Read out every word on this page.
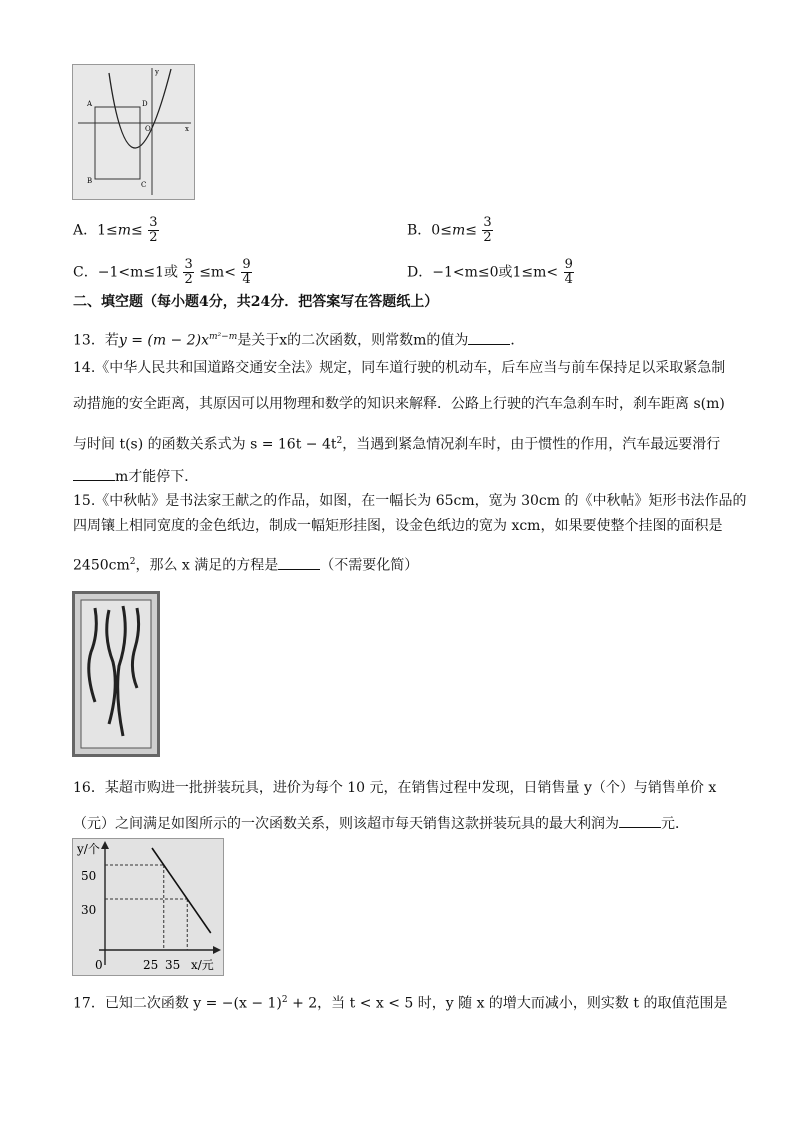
y
A	D
O	x
B	C
A．$1\le m\le \frac{3}{2}$	B．$0\le m\le \frac{3}{2}$
C．−1<m≤1或 $\frac{3}{2} \le m< \frac{9}{4}$	D．−1<m≤0或$1\le m< \frac{9}{4}$
二、填空题（每小题4分，共24分．把答案写在答题纸上）
13．若$y = (m - 2)x^{m^2-m}$是关于x的二次函数，则常数m的值为	．
14.《中华人民共和国道路交通安全法》规定，同车道行驶的机动车，后车应当与前车保持足以采取紧急制
动措施的安全距离，其原因可以用物理和数学的知识来解释．公路上行驶的汽车急刹车时，刹车距离 s(m)
与时间 t(s) 的函数关系式为 $s = 16t - 4t^2$，当遇到紧急情况刹车时，由于惯性的作用，汽车最远要滑行
m才能停下．
15.《中秋帖》是书法家王献之的作品，如图，在一幅长为 65cm，宽为 30cm 的《中秋帖》矩形书法作品的
四周镶上相同宽度的金色纸边，制成一幅矩形挂图，设金色纸边的宽为 xcm，如果要使整个挂图的面积是
$2450cm^2$，那么 x 满足的方程是	（不需要化简）
16．某超市购进一批拼装玩具，进价为每个 10 元，在销售过程中发现，日销售量 y（个）与销售单价 x
（元）之间满足如图所示的一次函数关系，则该超市每天销售这款拼装玩具的最大利润为	元．
y/个
x/元
0
50
30
25 35
17．已知二次函数 $y = -(x - 1)^2 + 2$，当 t < x < 5 时，y 随 x 的增大而减小，则实数 t 的取值范围是
